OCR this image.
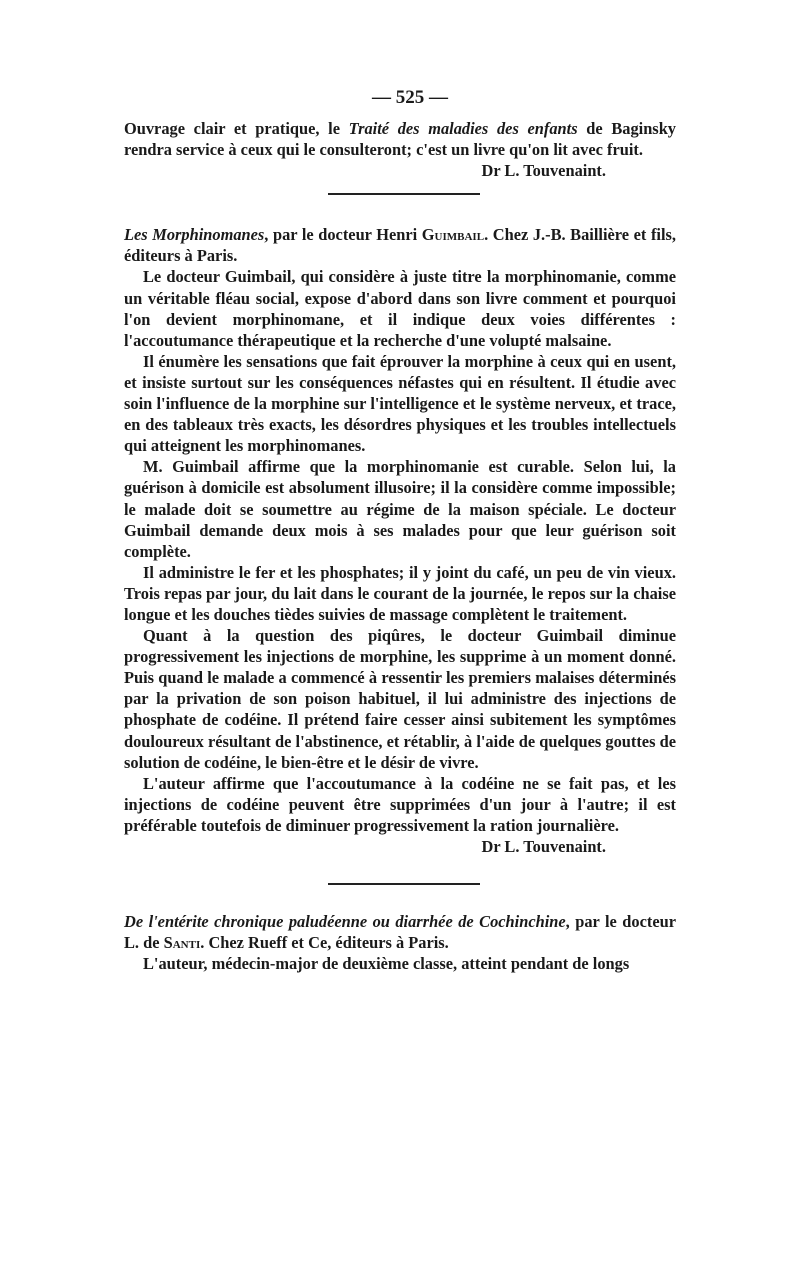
— 525 —

Ouvrage clair et pratique, le Traité des maladies des enfants de Baginsky rendra service à ceux qui le consulteront; c'est un livre qu'on lit avec fruit.

Dr L. Touvenaint.

Les Morphinomanes, par le docteur Henri Guimbail. Chez J.-B. Baillière et fils, éditeurs à Paris.

Le docteur Guimbail, qui considère à juste titre la morphinomanie, comme un véritable fléau social, expose d'abord dans son livre comment et pourquoi l'on devient morphinomane, et il indique deux voies différentes : l'accoutumance thérapeutique et la recherche d'une volupté malsaine.

Il énumère les sensations que fait éprouver la morphine à ceux qui en usent, et insiste surtout sur les conséquences néfastes qui en résultent. Il étudie avec soin l'influence de la morphine sur l'intelligence et le système nerveux, et trace, en des tableaux très exacts, les désordres physiques et les troubles intellectuels qui atteignent les morphinomanes.

M. Guimbail affirme que la morphinomanie est curable. Selon lui, la guérison à domicile est absolument illusoire; il la considère comme impossible; le malade doit se soumettre au régime de la maison spéciale. Le docteur Guimbail demande deux mois à ses malades pour que leur guérison soit complète.

Il administre le fer et les phosphates; il y joint du café, un peu de vin vieux. Trois repas par jour, du lait dans le courant de la journée, le repos sur la chaise longue et les douches tièdes suivies de massage complètent le traitement.

Quant à la question des piqûres, le docteur Guimbail diminue progressivement les injections de morphine, les supprime à un moment donné. Puis quand le malade a commencé à ressentir les premiers malaises déterminés par la privation de son poison habituel, il lui administre des injections de phosphate de codéine. Il prétend faire cesser ainsi subitement les symptômes douloureux résultant de l'abstinence, et rétablir, à l'aide de quelques gouttes de solution de codéine, le bien-être et le désir de vivre.

L'auteur affirme que l'accoutumance à la codéine ne se fait pas, et les injections de codéine peuvent être supprimées d'un jour à l'autre; il est préférable toutefois de diminuer progressivement la ration journalière.

Dr L. Touvenaint.

De l'entérite chronique paludéenne ou diarrhée de Cochinchine, par le docteur L. de Santi. Chez Rueff et Ce, éditeurs à Paris.

L'auteur, médecin-major de deuxième classe, atteint pendant de longs
